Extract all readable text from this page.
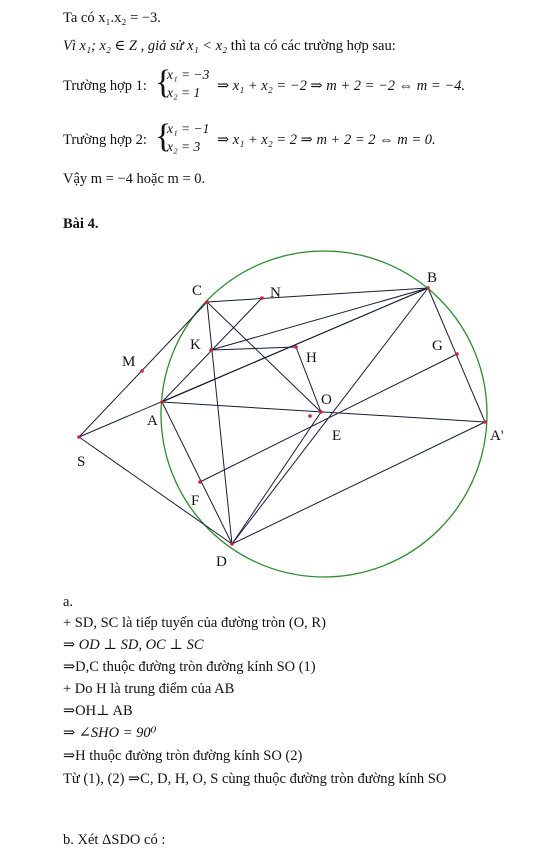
Ta có x₁.x₂ = −3.
Vì x₁; x₂ ∈ Z , giả sử x₁ < x₂ thì ta có các trường hợp sau:
Trường hợp 1: {
x₁ = −3
x₂ = 1	⇒ x₁ + x₂ = −2 ⇒ m + 2 = −2 ⇔ m = −4.
Trường hợp 2: {
x₁ = −1
x₂ = 3	⇒ x₁ + x₂ = 2 ⇒ m + 2 = 2 ⇔ m = 0.
Vậy m = −4 hoặc m = 0.
Bài 4.
C	N
B
K
M	H
G
O
A
E	A'
S
F
D
a.
+ SD, SC là tiếp tuyến của đường tròn (O, R)
⇒ OD ⊥ SD, OC ⊥ SC
⇒D,C thuộc đường tròn đường kính SO (1)
+ Do H là trung điểm của AB
⇒OH⊥ AB
⇒ ∠SHO = 90⁰
⇒H thuộc đường tròn đường kính SO (2)
Từ (1), (2) ⇒C, D, H, O, S cùng thuộc đường tròn đường kính SO
b. Xét ΔSDO có :
